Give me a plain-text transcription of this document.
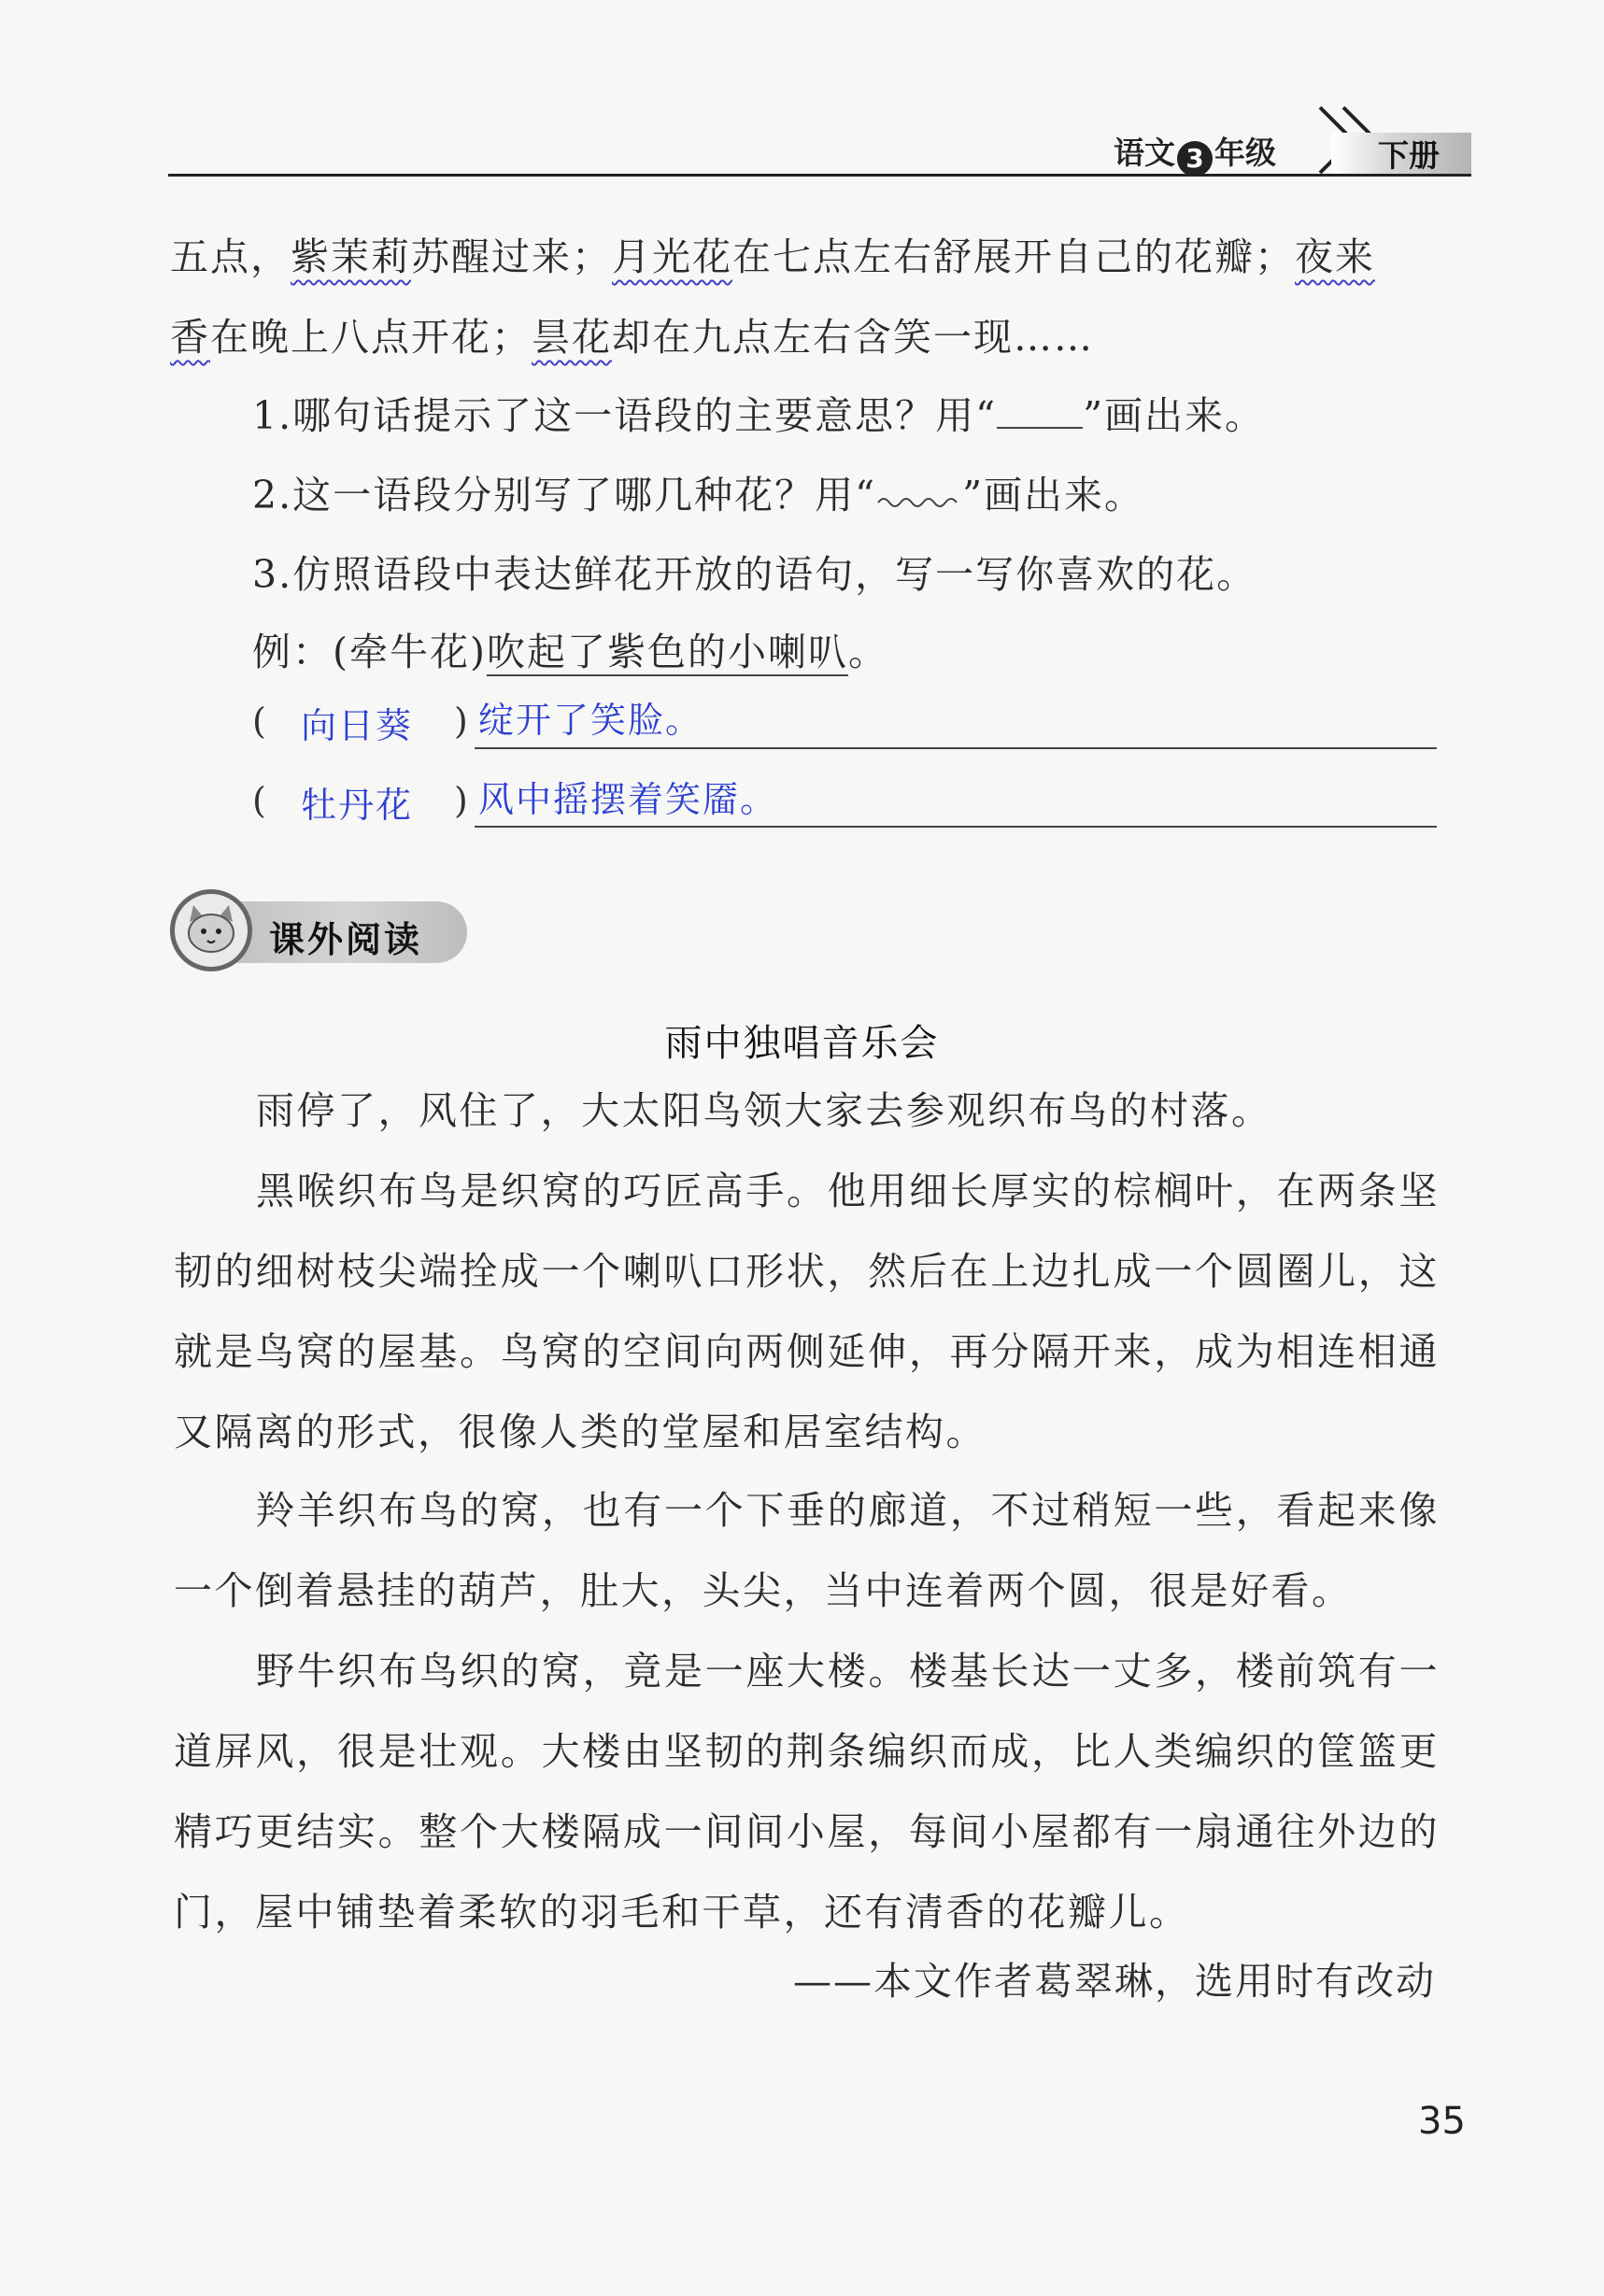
语文 3 年级	下册
五点，紫茉莉苏醒过来；月光花在七点左右舒展开自己的花瓣；夜来
香在晚上八点开花；昙花却在九点左右含笑一现……
1.哪句话提示了这一语段的主要意思？用“ ”画出来。
2.这一语段分别写了哪几种花？用“ ”画出来。
3.仿照语段中表达鲜花开放的语句，写一写你喜欢的花。
例：(牵牛花)吹起了紫色的小喇叭。
( 向日葵 ) 绽开了笑脸。
( 牡丹花 ) 风中摇摆着笑靥。
课外阅读
雨中独唱音乐会
雨停了，风住了，大太阳鸟领大家去参观织布鸟的村落。
黑喉织布鸟是织窝的巧匠高手。他用细长厚实的棕榈叶，在两条坚韧的细树枝尖端拴成一个喇叭口形状，然后在上边扎成一个圆圈儿，这就是鸟窝的屋基。鸟窝的空间向两侧延伸，再分隔开来，成为相连相通又隔离的形式，很像人类的堂屋和居室结构。
羚羊织布鸟的窝，也有一个下垂的廊道，不过稍短一些，看起来像一个倒着悬挂的葫芦，肚大，头尖，当中连着两个圆，很是好看。
野牛织布鸟织的窝，竟是一座大楼。楼基长达一丈多，楼前筑有一道屏风，很是壮观。大楼由坚韧的荆条编织而成，比人类编织的筐篮更精巧更结实。整个大楼隔成一间间小屋，每间小屋都有一扇通往外边的门，屋中铺垫着柔软的羽毛和干草，还有清香的花瓣儿。
——本文作者葛翠琳，选用时有改动
35
